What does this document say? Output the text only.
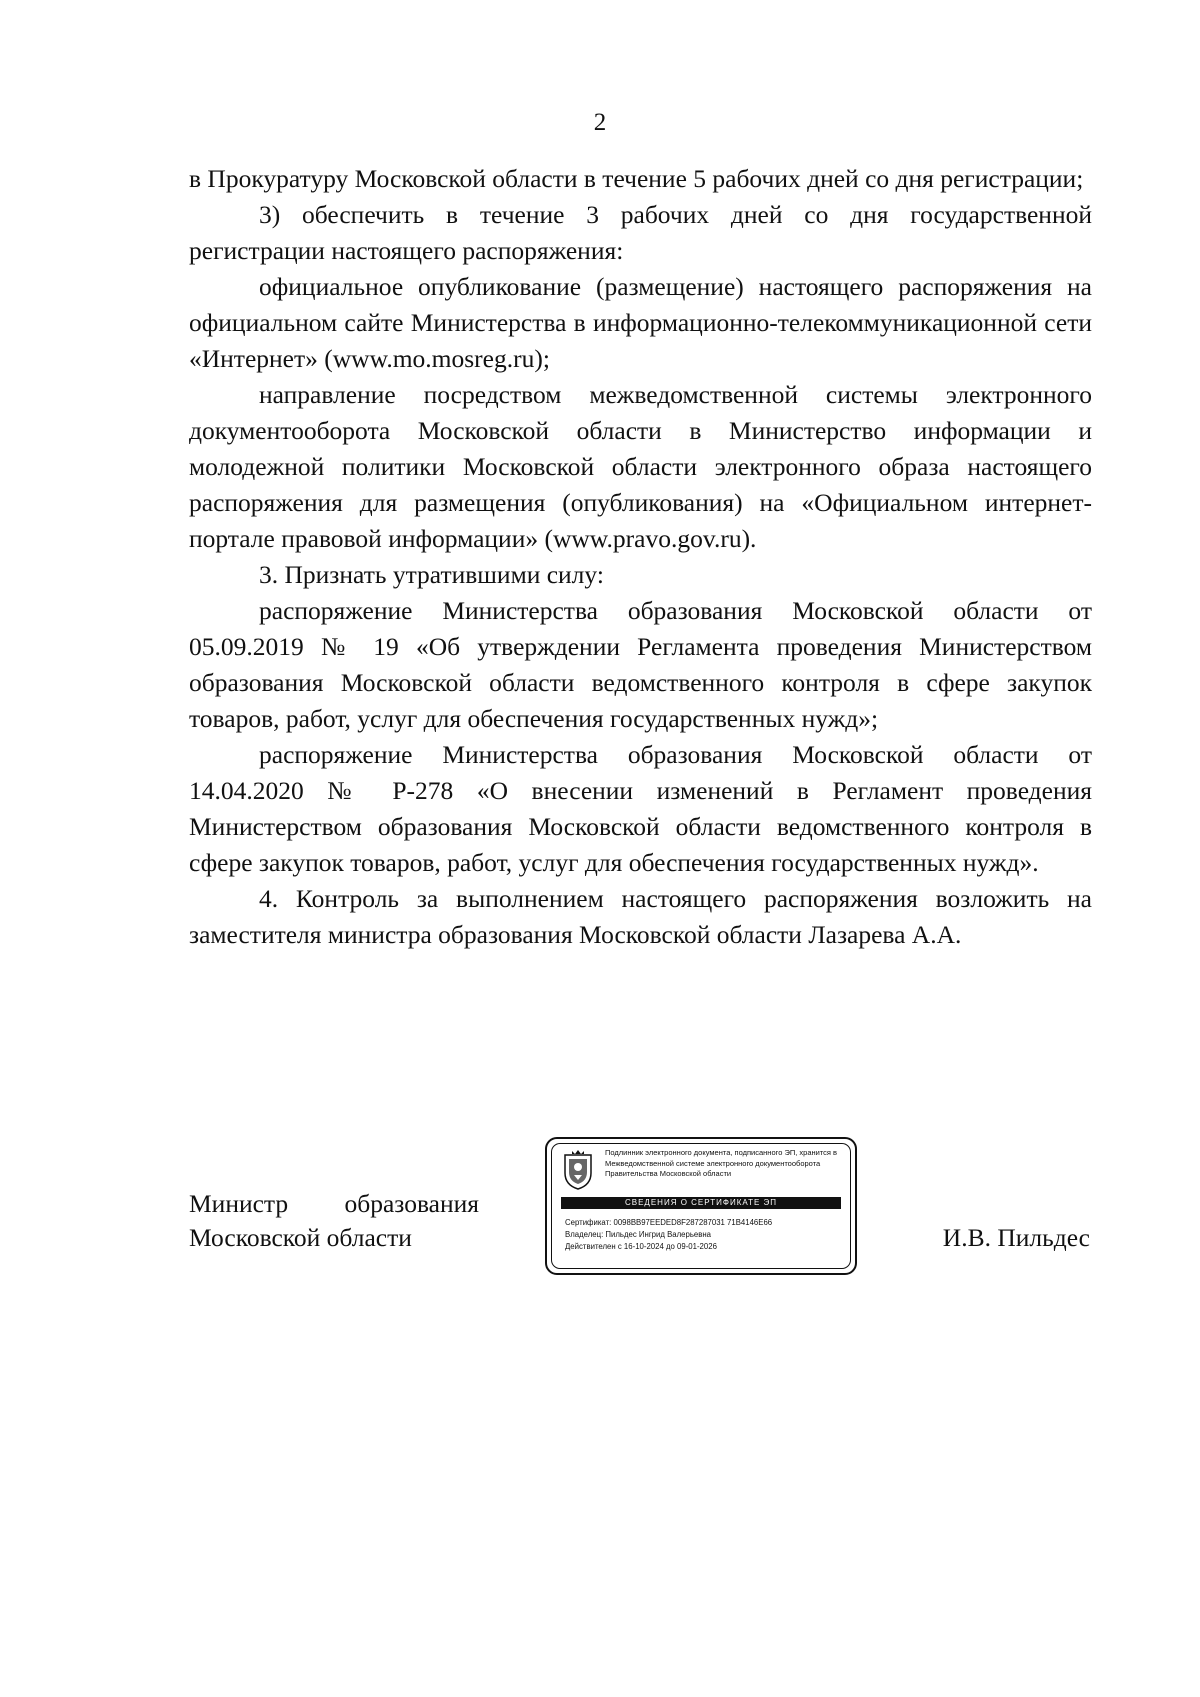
2

в Прокуратуру Московской области в течение 5 рабочих дней со дня регистрации;

3) обеспечить в течение 3 рабочих дней со дня государственной регистрации настоящего распоряжения:

официальное опубликование (размещение) настоящего распоряжения на официальном сайте Министерства в информационно-телекоммуникационной сети «Интернет» (www.mo.mosreg.ru);

направление посредством межведомственной системы электронного документооборота Московской области в Министерство информации и молодежной политики Московской области электронного образа настоящего распоряжения для размещения (опубликования) на «Официальном интернет-портале правовой информации» (www.pravo.gov.ru).

3. Признать утратившими силу:

распоряжение Министерства образования Московской области от 05.09.2019 № 19 «Об утверждении Регламента проведения Министерством образования Московской области ведомственного контроля в сфере закупок товаров, работ, услуг для обеспечения государственных нужд»;

распоряжение Министерства образования Московской области от 14.04.2020 № Р-278 «О внесении изменений в Регламент проведения Министерством образования Московской области ведомственного контроля в сфере закупок товаров, работ, услуг для обеспечения государственных нужд».

4. Контроль за выполнением настоящего распоряжения возложить на заместителя министра образования Московской области Лазарева А.А.

Министр образования
Московской области
Подлинник электронного документа, подписанного ЭП, хранится в Межведомственной системе электронного документооборота Правительства Московской области
СВЕДЕНИЯ О СЕРТИФИКАТЕ ЭП
Сертификат: 0098BB97EEDED8F287287031 71B4146E66
Владелец: Пильдес Ингрид Валерьевна
Действителен с 16-10-2024 до 09-01-2026	И.В. Пильдес
